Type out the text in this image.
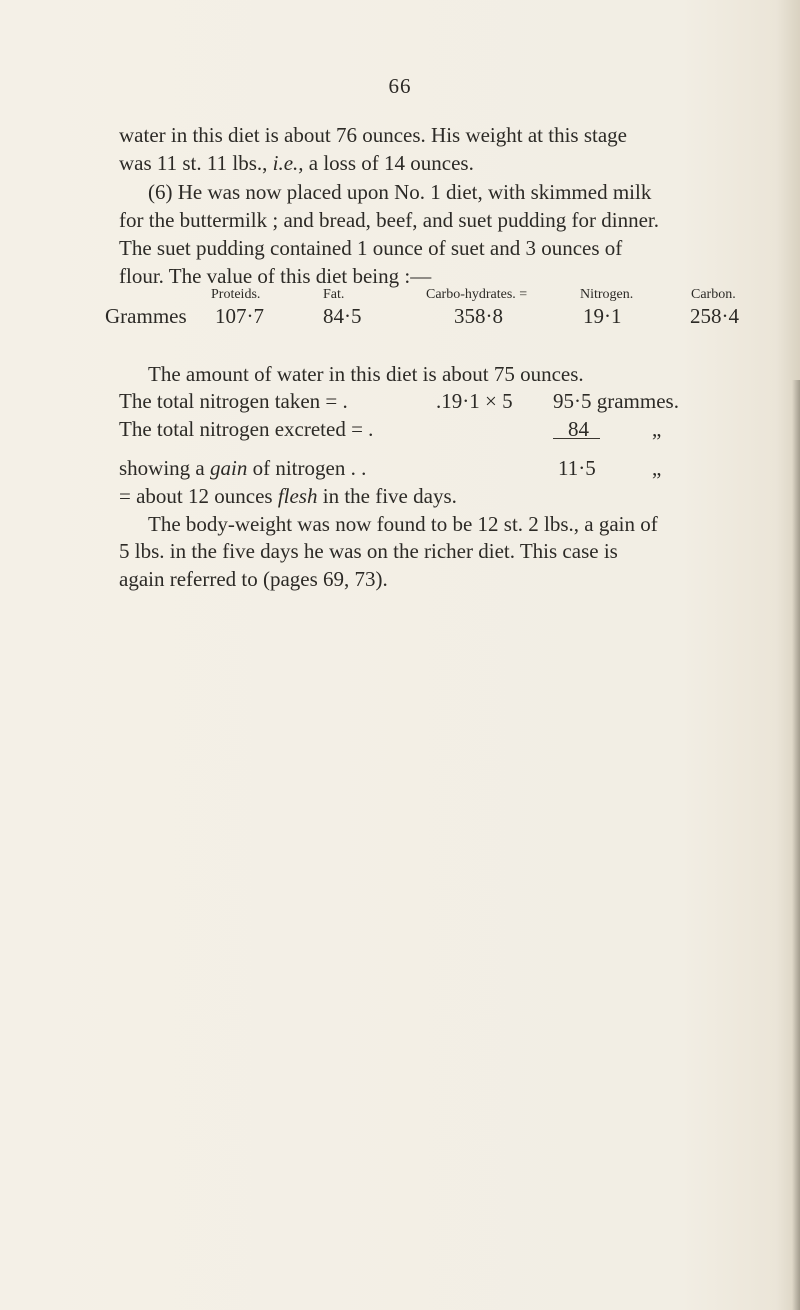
66
water in this diet is about 76 ounces. His weight at this stage
was 11 st. 11 lbs., i.e., a loss of 14 ounces.
(6) He was now placed upon No. 1 diet, with skimmed milk
for the buttermilk ; and bread, beef, and suet pudding for dinner.
The suet pudding contained 1 ounce of suet and 3 ounces of
flour. The value of this diet being :—
Proteids.	Fat.	Carbo-hydrates. =	Nitrogen.	Carbon.
Grammes 107·7	84·5	358·8	19·1	258·4
The amount of water in this diet is about 75 ounces.
The total nitrogen taken = .	.19·1 × 5 95·5 grammes.
The total nitrogen excreted = .	84	„
showing a gain of nitrogen . .	11·5	„
= about 12 ounces flesh in the five days.
The body-weight was now found to be 12 st. 2 lbs., a gain of
5 lbs. in the five days he was on the richer diet. This case is
again referred to (pages 69, 73).
